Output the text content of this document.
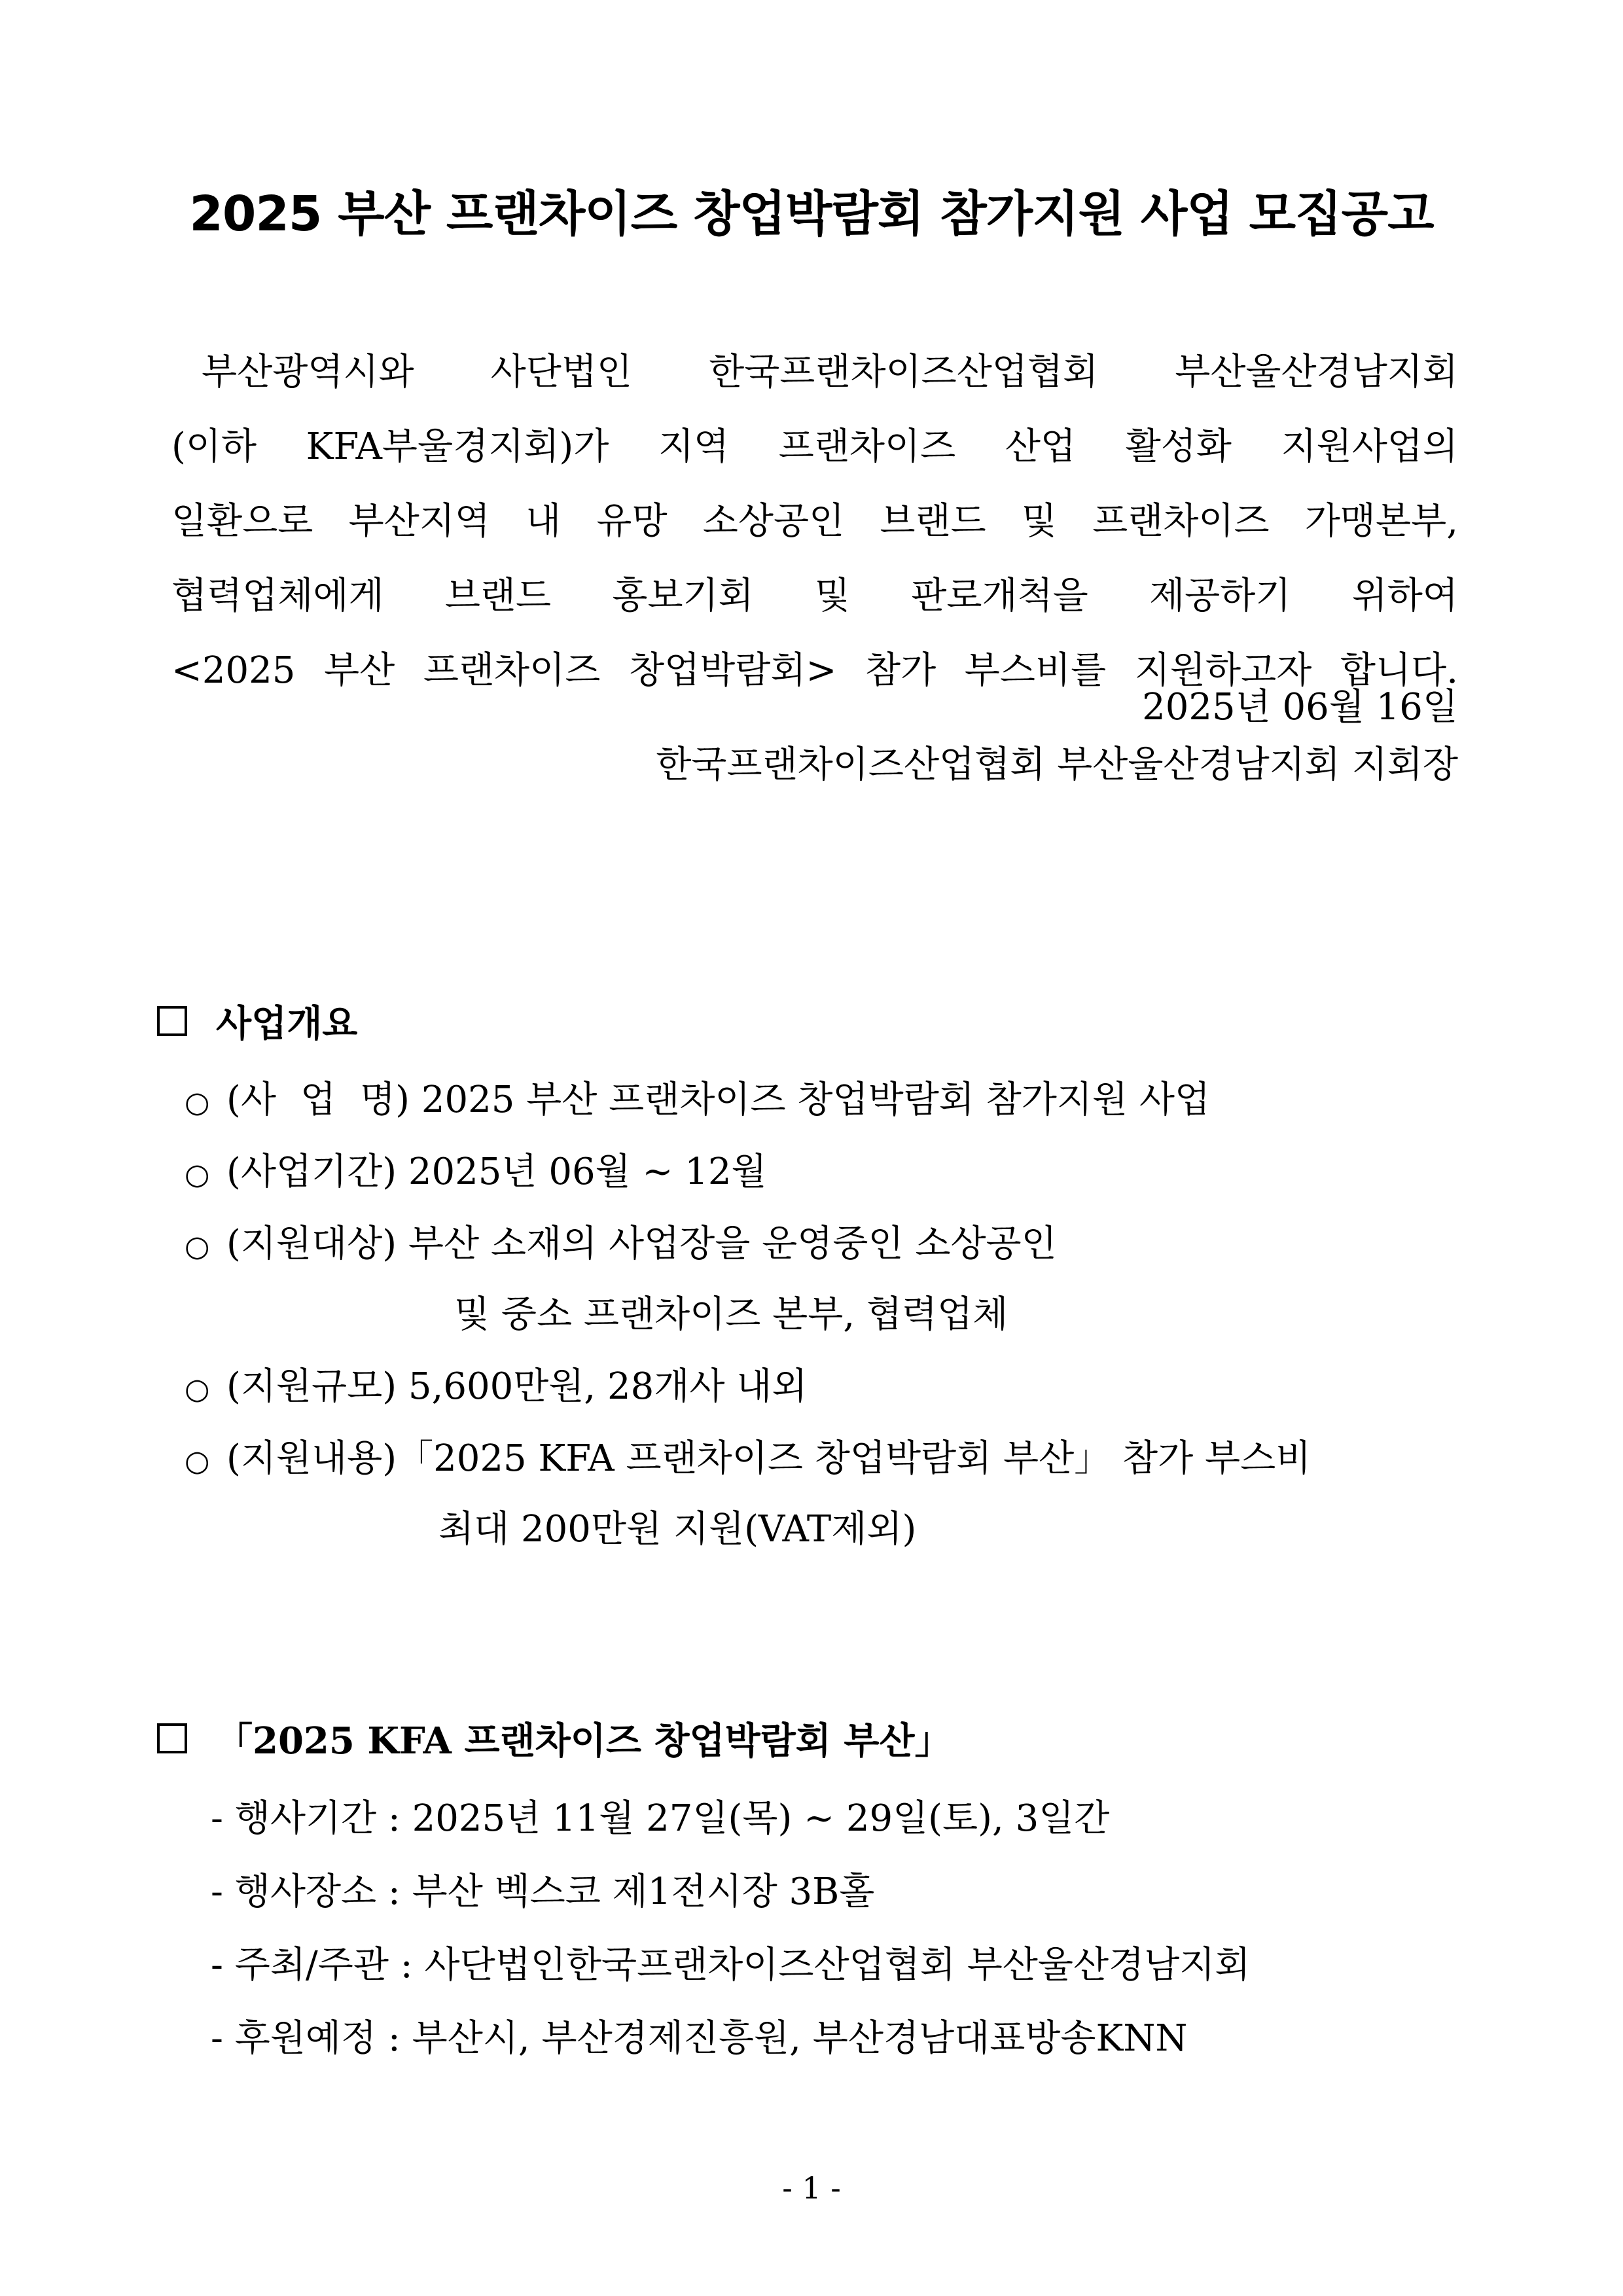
2025 부산 프랜차이즈 창업박람회 참가지원 사업 모집공고
부산광역시와 사단법인 한국프랜차이즈산업협회 부산울산경남지회
(이하 KFA부울경지회)가 지역 프랜차이즈 산업 활성화 지원사업의
일환으로 부산지역 내 유망 소상공인 브랜드 및 프랜차이즈 가맹본부,
협력업체에게 브랜드 홍보기회 및 판로개척을 제공하기 위하여
<2025 부산 프랜차이즈 창업박람회> 참가 부스비를 지원하고자 합니다.
2025년 06월 16일
한국프랜차이즈산업협회 부산울산경남지회 지회장
사업개요
○ (사 업 명) 2025 부산 프랜차이즈 창업박람회 참가지원 사업
○ (사업기간) 2025년 06월 ~ 12월
○ (지원대상) 부산 소재의 사업장을 운영중인 소상공인
및 중소 프랜차이즈 본부, 협력업체
○ (지원규모) 5,600만원, 28개사 내외
○ (지원내용)「2025 KFA 프랜차이즈 창업박람회 부산」 참가 부스비
최대 200만원 지원(VAT제외)
「2025 KFA 프랜차이즈 창업박람회 부산」
- 행사기간 : 2025년 11월 27일(목) ~ 29일(토), 3일간
- 행사장소 : 부산 벡스코 제1전시장 3B홀
- 주최/주관 : 사단법인한국프랜차이즈산업협회 부산울산경남지회
- 후원예정 : 부산시, 부산경제진흥원, 부산경남대표방송KNN
- 1 -
